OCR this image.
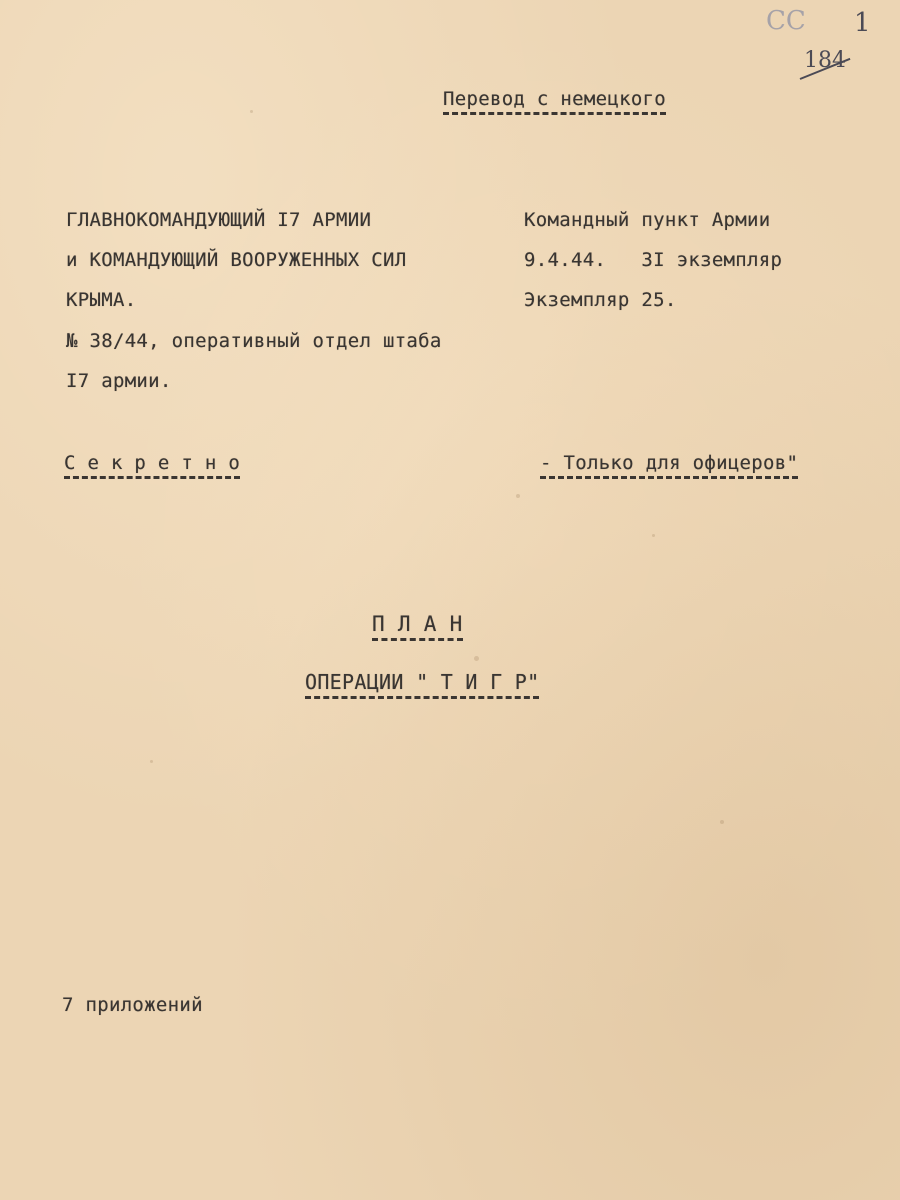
CC 1
184
Перевод с немецкого
ГЛАВНОКОМАНДУЮЩИЙ I7 АРМИИ
и КОМАНДУЮЩИЙ ВООРУЖЕННЫХ СИЛ
КРЫМА.
№ 38/44, оперативный отдел штаба
I7 армии.
Командный пункт Армии
9.4.44.   3I экземпляр
Экземпляр 25.
С е к р е т н о	- Только для офицеров"
П Л А Н
ОПЕРАЦИИ " Т И Г Р"
7 приложений
